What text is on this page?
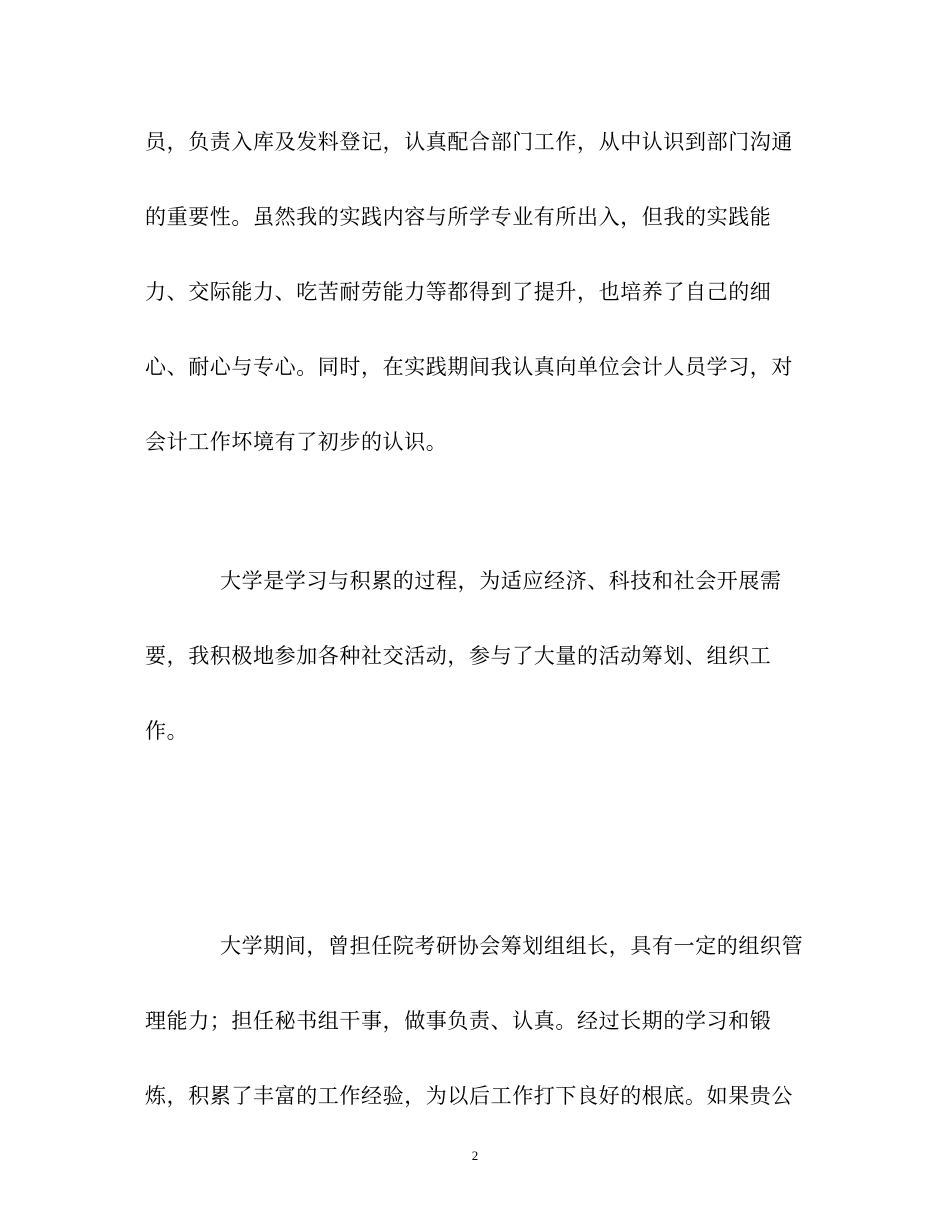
员，负责入库及发料登记，认真配合部门工作，从中认识到部门沟通
的重要性。虽然我的实践内容与所学专业有所出入，但我的实践能
力、交际能力、吃苦耐劳能力等都得到了提升，也培养了自己的细
心、耐心与专心。同时，在实践期间我认真向单位会计人员学习，对
会计工作坏境有了初步的认识。
大学是学习与积累的过程，为适应经济、科技和社会开展需
要，我积极地参加各种社交活动，参与了大量的活动筹划、组织工
作。
大学期间，曾担任院考研协会筹划组组长，具有一定的组织管
理能力；担任秘书组干事，做事负责、认真。经过长期的学习和锻
炼，积累了丰富的工作经验，为以后工作打下良好的根底。如果贵公
2
